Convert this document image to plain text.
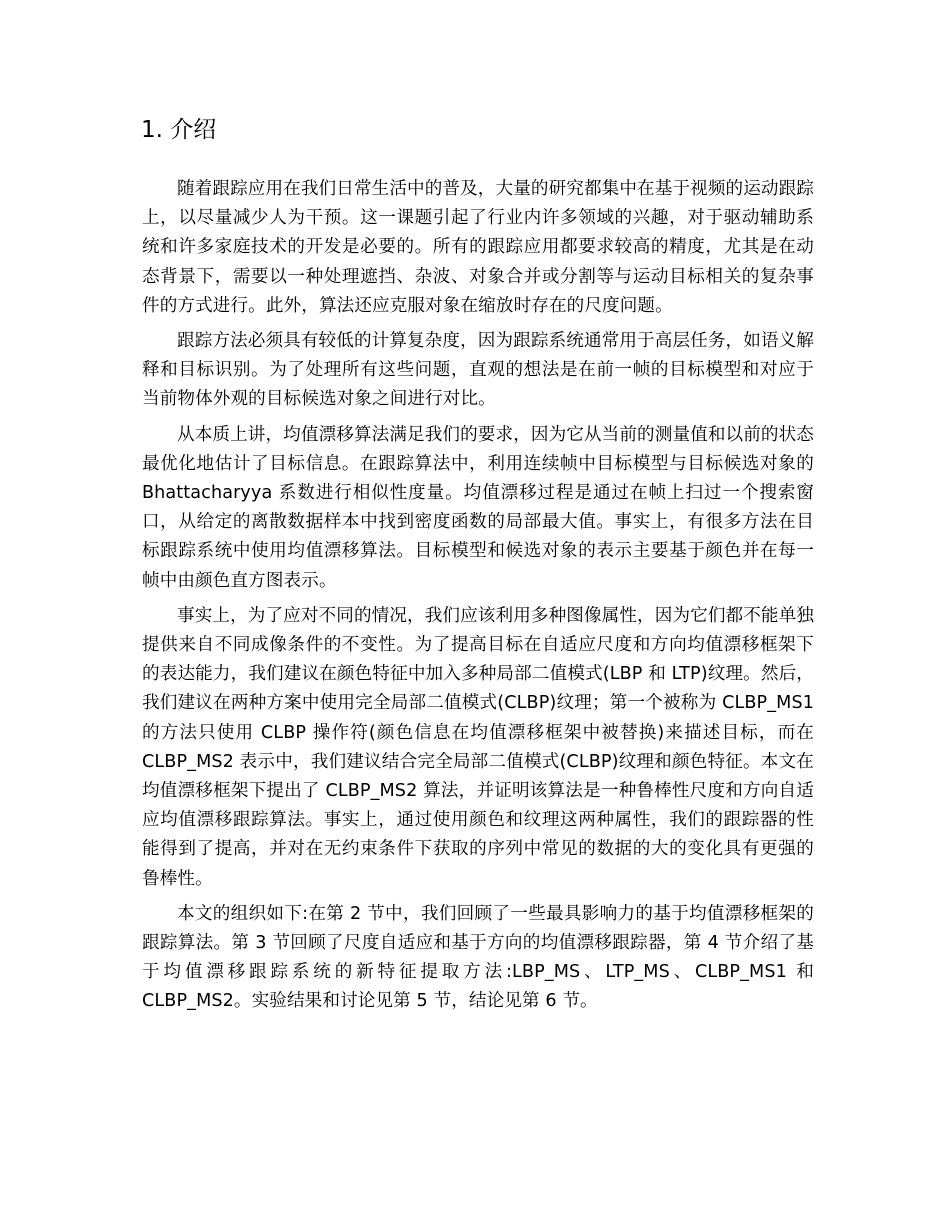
1. 介绍

随着跟踪应用在我们日常生活中的普及，大量的研究都集中在基于视频的运动跟踪上，以尽量减少人为干预。这一课题引起了行业内许多领域的兴趣，对于驱动辅助系统和许多家庭技术的开发是必要的。所有的跟踪应用都要求较高的精度，尤其是在动态背景下，需要以一种处理遮挡、杂波、对象合并或分割等与运动目标相关的复杂事件的方式进行。此外，算法还应克服对象在缩放时存在的尺度问题。

跟踪方法必须具有较低的计算复杂度，因为跟踪系统通常用于高层任务，如语义解释和目标识别。为了处理所有这些问题，直观的想法是在前一帧的目标模型和对应于当前物体外观的目标候选对象之间进行对比。

从本质上讲，均值漂移算法满足我们的要求，因为它从当前的测量值和以前的状态最优化地估计了目标信息。在跟踪算法中，利用连续帧中目标模型与目标候选对象的 Bhattacharyya 系数进行相似性度量。均值漂移过程是通过在帧上扫过一个搜索窗口，从给定的离散数据样本中找到密度函数的局部最大值。事实上，有很多方法在目标跟踪系统中使用均值漂移算法。目标模型和候选对象的表示主要基于颜色并在每一帧中由颜色直方图表示。

事实上，为了应对不同的情况，我们应该利用多种图像属性，因为它们都不能单独提供来自不同成像条件的不变性。为了提高目标在自适应尺度和方向均值漂移框架下的表达能力，我们建议在颜色特征中加入多种局部二值模式(LBP 和 LTP)纹理。然后，我们建议在两种方案中使用完全局部二值模式(CLBP)纹理；第一个被称为 CLBP_MS1 的方法只使用 CLBP 操作符(颜色信息在均值漂移框架中被替换)来描述目标，而在 CLBP_MS2 表示中，我们建议结合完全局部二值模式(CLBP)纹理和颜色特征。本文在均值漂移框架下提出了 CLBP_MS2 算法，并证明该算法是一种鲁棒性尺度和方向自适应均值漂移跟踪算法。事实上，通过使用颜色和纹理这两种属性，我们的跟踪器的性能得到了提高，并对在无约束条件下获取的序列中常见的数据的大的变化具有更强的鲁棒性。

本文的组织如下:在第 2 节中，我们回顾了一些最具影响力的基于均值漂移框架的跟踪算法。第 3 节回顾了尺度自适应和基于方向的均值漂移跟踪器，第 4 节介绍了基于均值漂移跟踪系统的新特征提取方法:LBP_MS、LTP_MS、CLBP_MS1 和 CLBP_MS2。实验结果和讨论见第 5 节，结论见第 6 节。
